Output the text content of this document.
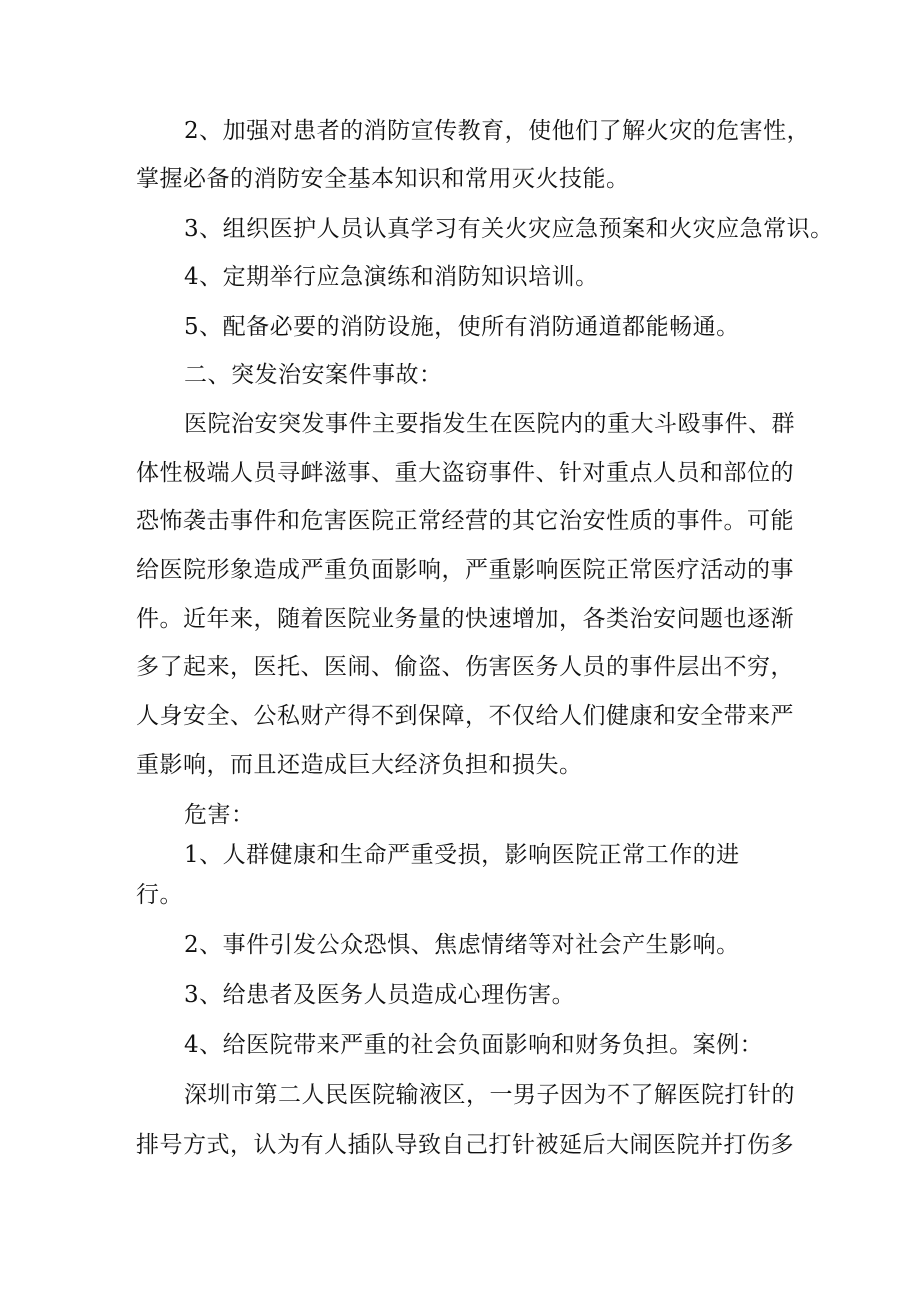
2、加强对患者的消防宣传教育，使他们了解火灾的危害性，
掌握必备的消防安全基本知识和常用灭火技能。
3、组织医护人员认真学习有关火灾应急预案和火灾应急常识。
4、定期举行应急演练和消防知识培训。
5、配备必要的消防设施，使所有消防通道都能畅通。
二、突发治安案件事故：
医院治安突发事件主要指发生在医院内的重大斗殴事件、群
体性极端人员寻衅滋事、重大盗窃事件、针对重点人员和部位的
恐怖袭击事件和危害医院正常经营的其它治安性质的事件。可能
给医院形象造成严重负面影响，严重影响医院正常医疗活动的事
件。近年来，随着医院业务量的快速增加，各类治安问题也逐渐
多了起来，医托、医闹、偷盗、伤害医务人员的事件层出不穷，
人身安全、公私财产得不到保障，不仅给人们健康和安全带来严
重影响，而且还造成巨大经济负担和损失。
危害：
1、人群健康和生命严重受损，影响医院正常工作的进
行。
2、事件引发公众恐惧、焦虑情绪等对社会产生影响。
3、给患者及医务人员造成心理伤害。
4、给医院带来严重的社会负面影响和财务负担。案例：
深圳市第二人民医院输液区，一男子因为不了解医院打针的
排号方式，认为有人插队导致自己打针被延后大闹医院并打伤多
